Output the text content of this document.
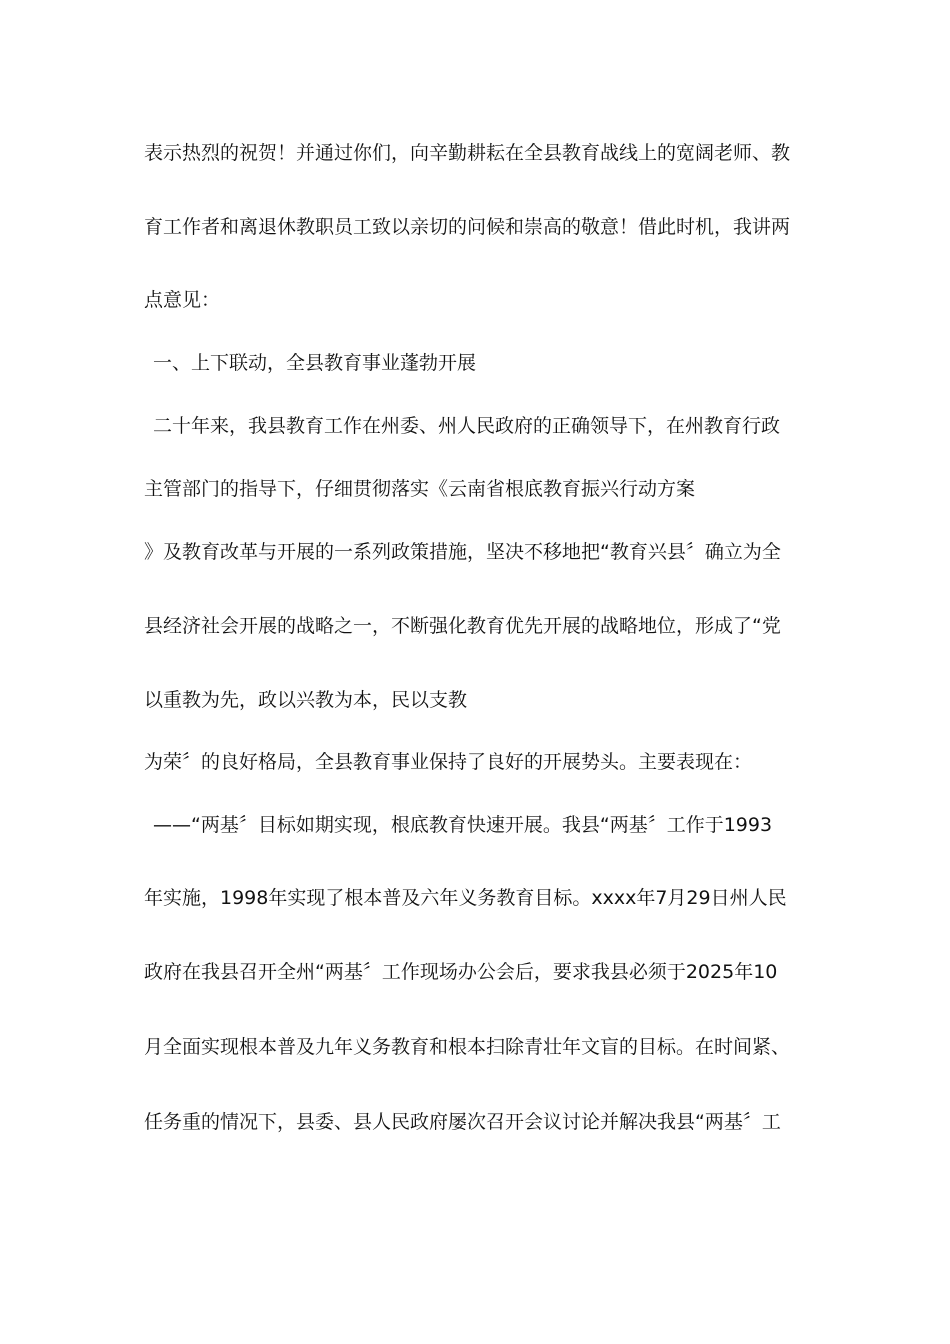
表示热烈的祝贺！并通过你们，向辛勤耕耘在全县教育战线上的宽阔老师、教
育工作者和离退休教职员工致以亲切的问候和崇高的敬意！借此时机，我讲两
点意见：
一、上下联动，全县教育事业蓬勃开展
二十年来，我县教育工作在州委、州人民政府的正确领导下，在州教育行政
主管部门的指导下，仔细贯彻落实《云南省根底教育振兴行动方案
》及教育改革与开展的一系列政策措施，坚决不移地把“教育兴县〞确立为全
县经济社会开展的战略之一，不断强化教育优先开展的战略地位，形成了“党
以重教为先，政以兴教为本，民以支教
为荣〞的良好格局，全县教育事业保持了良好的开展势头。主要表现在：
——“两基〞目标如期实现，根底教育快速开展。我县“两基〞工作于1993
年实施，1998年实现了根本普及六年义务教育目标。xxxx年7月29日州人民
政府在我县召开全州“两基〞工作现场办公会后，要求我县必须于2025年10
月全面实现根本普及九年义务教育和根本扫除青壮年文盲的目标。在时间紧、
任务重的情况下，县委、县人民政府屡次召开会议讨论并解决我县“两基〞工
